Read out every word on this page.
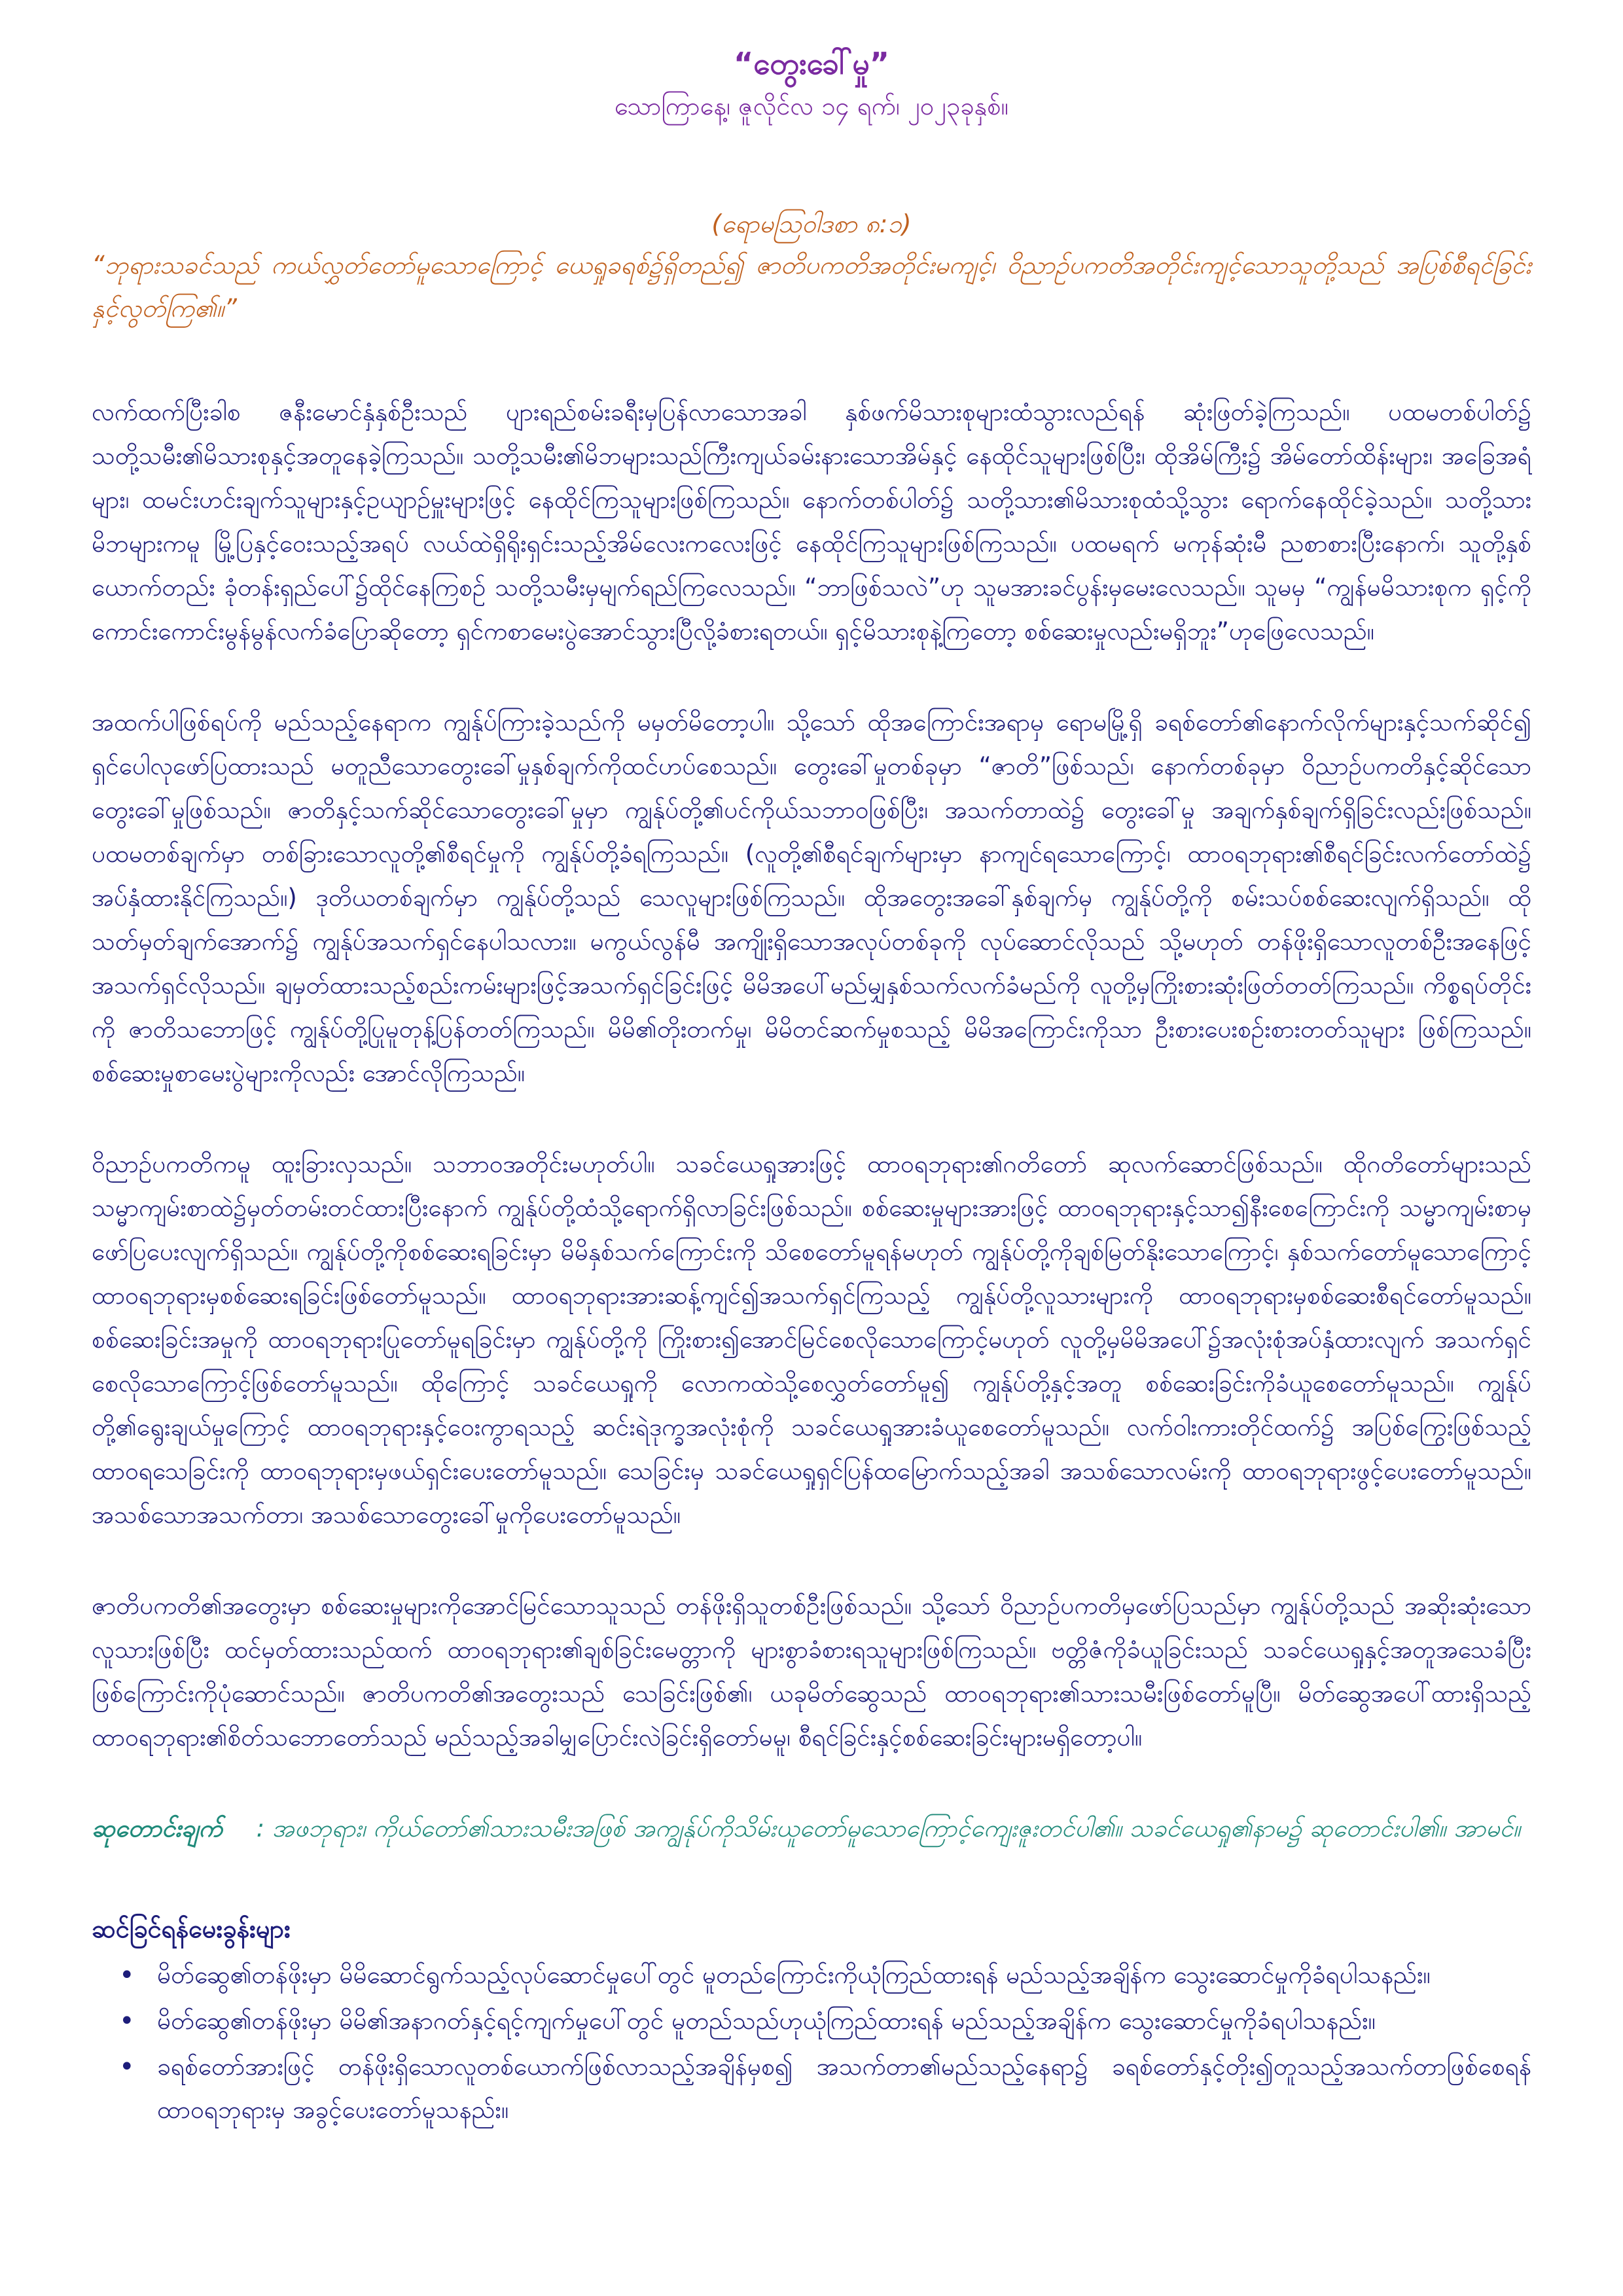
“တွေးခေါ်မှု”

သောကြာနေ့၊ ဇူလိုင်လ ၁၄ ရက်၊ ၂၀၂၃ခုနှစ်။

(ရောမဩဝါဒစာ ၈:၁)

“ဘုရားသခင်သည် ကယ်လွှတ်တော်မူသောကြောင့် ယေရှုခရစ်၌ရှိတည်၍ ဇာတိပကတိအတိုင်းမကျင့်၊ ဝိညာဉ်ပကတိအတိုင်းကျင့်သောသူတို့သည် အပြစ်စီရင်ခြင်းနှင့်လွတ်ကြ၏။”

လက်ထက်ပြီးခါစ ဇနီးမောင်နှံနှစ်ဦးသည် ပျားရည်စမ်းခရီးမှပြန်လာသောအခါ နှစ်ဖက်မိသားစုများထံသွားလည်ရန် ဆုံးဖြတ်ခဲ့ကြသည်။ ပထမတစ်ပါတ်၌ သတို့သမီး၏မိသားစုနှင့်အတူနေခဲ့ကြသည်။ သတို့သမီး၏မိဘများသည်ကြီးကျယ်ခမ်းနားသောအိမ်နှင့် နေထိုင်သူများဖြစ်ပြီး၊ ထိုအိမ်ကြီး၌ အိမ်တော်ထိန်းများ၊ အခြေအရံများ၊ ထမင်းဟင်းချက်သူများနှင့်ဥယျာဉ်မှူးများဖြင့် နေထိုင်ကြသူများဖြစ်ကြသည်။ နောက်တစ်ပါတ်၌ သတို့သား၏မိသားစုထံသို့သွား ရောက်နေထိုင်ခဲ့သည်။ သတို့သားမိဘများကမူ မြို့ပြနှင့်ဝေးသည့်အရပ် လယ်ထဲရှိရိုးရှင်းသည့်အိမ်လေးကလေးဖြင့် နေထိုင်ကြသူများဖြစ်ကြသည်။ ပထမရက် မကုန်ဆုံးမီ ညစာစားပြီးနောက်၊ သူတို့နှစ်ယောက်တည်း ခုံတန်းရှည်ပေါ်၌ထိုင်နေကြစဉ် သတို့သမီးမှမျက်ရည်ကြလေသည်။ “ဘာဖြစ်သလဲ”ဟု သူမအားခင်ပွန်းမှမေးလေသည်။ သူမမှ “ကျွန်မမိသားစုက ရှင့်ကိုကောင်းကောင်းမွန်မွန်လက်ခံပြောဆိုတော့ ရှင်ကစာမေးပွဲအောင်သွားပြီလို့ခံစားရတယ်။ ရှင့်မိသားစုနဲ့ကြတော့ စစ်ဆေးမှုလည်းမရှိဘူး”ဟုဖြေလေသည်။

အထက်ပါဖြစ်ရပ်ကို မည်သည့်နေရာက ကျွန်ုပ်ကြားခဲ့သည်ကို မမှတ်မိတော့ပါ။ သို့သော် ထိုအကြောင်းအရာမှ ရောမမြို့ရှိ ခရစ်တော်၏နောက်လိုက်များနှင့်သက်ဆိုင်၍ ရှင်ပေါလုဖော်ပြထားသည် မတူညီသောတွေးခေါ်မှုနှစ်ချက်ကိုထင်ဟပ်စေသည်။ တွေးခေါ်မှုတစ်ခုမှာ “ဇာတိ”ဖြစ်သည်၊ နောက်တစ်ခုမှာ ဝိညာဉ်ပကတိနှင့်ဆိုင်သောတွေးခေါ်မှုဖြစ်သည်။ ဇာတိနှင့်သက်ဆိုင်သောတွေးခေါ်မှုမှာ ကျွန်ုပ်တို့၏ပင်ကိုယ်သဘာဝဖြစ်ပြီး၊ အသက်တာထဲ၌ တွေးခေါ်မှု အချက်နှစ်ချက်ရှိခြင်းလည်းဖြစ်သည်။ ပထမတစ်ချက်မှာ တစ်ခြားသောလူတို့၏စီရင်မှုကို ကျွန်ုပ်တို့ခံရကြသည်။ (လူတို့၏စီရင်ချက်များမှာ နာကျင်ရသောကြောင့်၊ ထာဝရဘုရား၏စီရင်ခြင်းလက်တော်ထဲ၌ အပ်နှံထားနိုင်ကြသည်။) ဒုတိယတစ်ချက်မှာ ကျွန်ုပ်တို့သည် သေလူများဖြစ်ကြသည်။ ထိုအတွေးအခေါ်နှစ်ချက်မှ ကျွန်ုပ်တို့ကို စမ်းသပ်စစ်ဆေးလျက်ရှိသည်။ ထိုသတ်မှတ်ချက်အောက်၌ ကျွန်ုပ်အသက်ရှင်နေပါသလား။ မကွယ်လွန်မီ အကျိုးရှိသောအလုပ်တစ်ခုကို လုပ်ဆောင်လိုသည် သို့မဟုတ် တန်ဖိုးရှိသောလူတစ်ဦးအနေဖြင့်အသက်ရှင်လိုသည်။ ချမှတ်ထားသည့်စည်းကမ်းများဖြင့်အသက်ရှင်ခြင်းဖြင့် မိမိအပေါ်မည်မျှနှစ်သက်လက်ခံမည်ကို လူတို့မှကြိုးစားဆုံးဖြတ်တတ်ကြသည်။ ကိစ္စရပ်တိုင်းကို ဇာတိသဘောဖြင့် ကျွန်ုပ်တို့ပြုမူတုန့်ပြန်တတ်ကြသည်။ မိမိ၏တိုးတက်မှု၊ မိမိတင်ဆက်မှုစသည့် မိမိအကြောင်းကိုသာ ဦးစားပေးစဉ်းစားတတ်သူများ ဖြစ်ကြသည်။ စစ်ဆေးမှုစာမေးပွဲများကိုလည်း အောင်လိုကြသည်။

ဝိညာဉ်ပကတိကမူ ထူးခြားလှသည်။ သဘာဝအတိုင်းမဟုတ်ပါ။ သခင်ယေရှုအားဖြင့် ထာဝရဘုရား၏ဂတိတော် ဆုလက်ဆောင်ဖြစ်သည်။ ထိုဂတိတော်များသည် သမ္မာကျမ်းစာထဲ၌မှတ်တမ်းတင်ထားပြီးနောက် ကျွန်ုပ်တို့ထံသို့ရောက်ရှိလာခြင်းဖြစ်သည်။ စစ်ဆေးမှုများအားဖြင့် ထာဝရဘုရားနှင့်သာ၍နီးစေကြောင်းကို သမ္မာကျမ်းစာမှဖော်ပြပေးလျက်ရှိသည်။ ကျွန်ုပ်တို့ကိုစစ်ဆေးရခြင်းမှာ မိမိနှစ်သက်ကြောင်းကို သိစေတော်မူရန်မဟုတ် ကျွန်ုပ်တို့ကိုချစ်မြတ်နိုးသောကြောင့်၊ နှစ်သက်တော်မူသောကြောင့် ထာဝရဘုရားမှစစ်ဆေးရခြင်းဖြစ်တော်မူသည်။ ထာဝရဘုရားအားဆန့်ကျင်၍အသက်ရှင်ကြသည့် ကျွန်ုပ်တို့လူသားများကို ထာဝရဘုရားမှစစ်ဆေးစီရင်တော်မူသည်။ စစ်ဆေးခြင်းအမှုကို ထာဝရဘုရားပြုတော်မူရခြင်းမှာ ကျွန်ုပ်တို့ကို ကြိုးစား၍အောင်မြင်စေလိုသောကြောင့်မဟုတ် လူတို့မှမိမိအပေါ်၌အလုံးစုံအပ်နှံထားလျက် အသက်ရှင်စေလိုသောကြောင့်ဖြစ်တော်မူသည်။ ထိုကြောင့် သခင်ယေရှုကို လောကထဲသို့စေလွှတ်တော်မူ၍ ကျွန်ုပ်တို့နှင့်အတူ စစ်ဆေးခြင်းကိုခံယူစေတော်မူသည်။ ကျွန်ုပ်တို့၏ရွေးချယ်မှုကြောင့် ထာဝရဘုရားနှင့်ဝေးကွာရသည့် ဆင်းရဲဒုက္ခအလုံးစုံကို သခင်ယေရှုအားခံယူစေတော်မူသည်။ လက်ဝါးကားတိုင်ထက်၌ အပြစ်ကြွေးဖြစ်သည့်ထာဝရသေခြင်းကို ထာဝရဘုရားမှဖယ်ရှင်းပေးတော်မူသည်။ သေခြင်းမှ သခင်ယေရှုရှင်ပြန်ထမြောက်သည့်အခါ အသစ်သောလမ်းကို ထာဝရဘုရားဖွင့်ပေးတော်မူသည်။ အသစ်သောအသက်တာ၊ အသစ်သောတွေးခေါ်မှုကိုပေးတော်မူသည်။

ဇာတိပကတိ၏အတွေးမှာ စစ်ဆေးမှုများကိုအောင်မြင်သောသူသည် တန်ဖိုးရှိသူတစ်ဦးဖြစ်သည်။ သို့သော် ဝိညာဉ်ပကတိမှဖော်ပြသည်မှာ ကျွန်ုပ်တို့သည် အဆိုးဆုံးသောလူသားဖြစ်ပြီး ထင်မှတ်ထားသည်ထက် ထာဝရဘုရား၏ချစ်ခြင်းမေတ္တာကို များစွာခံစားရသူများဖြစ်ကြသည်။ ဗတ္တိဇံကိုခံယူခြင်းသည် သခင်ယေရှုနှင့်အတူအသေခံပြီးဖြစ်ကြောင်းကိုပုံဆောင်သည်။ ဇာတိပကတိ၏အတွေးသည် သေခြင်းဖြစ်၏၊ ယခုမိတ်ဆွေသည် ထာဝရဘုရား၏သားသမီးဖြစ်တော်မူပြီ။ မိတ်ဆွေအပေါ်ထားရှိသည့်ထာဝရဘုရား၏စိတ်သဘောတော်သည် မည်သည့်အခါမျှပြောင်းလဲခြင်းရှိတော်မမူ၊ စီရင်ခြင်းနှင့်စစ်ဆေးခြင်းများမရှိတော့ပါ။

ဆုတောင်းချက် : အဖဘုရား၊ ကိုယ်တော်၏သားသမီးအဖြစ် အကျွန်ုပ်ကိုသိမ်းယူတော်မူသောကြောင့်ကျေးဇူးတင်ပါ၏။ သခင်ယေရှု၏နာမ၌ ဆုတောင်းပါ၏။ အာမင်။

ဆင်ခြင်ရန်မေးခွန်းများ

• မိတ်ဆွေ၏တန်ဖိုးမှာ မိမိဆောင်ရွက်သည့်လုပ်ဆောင်မှုပေါ်တွင် မူတည်ကြောင်းကိုယုံကြည်ထားရန် မည်သည့်အချိန်က သွေးဆောင်မှုကိုခံရပါသနည်း။
• မိတ်ဆွေ၏တန်ဖိုးမှာ မိမိ၏အနာဂတ်နှင့်ရင့်ကျက်မှုပေါ်တွင် မူတည်သည်ဟုယုံကြည်ထားရန် မည်သည့်အချိန်က သွေးဆောင်မှုကိုခံရပါသနည်း။
• ခရစ်တော်အားဖြင့် တန်ဖိုးရှိသောလူတစ်ယောက်ဖြစ်လာသည့်အချိန်မှစ၍ အသက်တာ၏မည်သည့်နေရာ၌ ခရစ်တော်နှင့်တိုး၍တူသည့်အသက်တာဖြစ်စေရန် ထာဝရဘုရားမှ အခွင့်ပေးတော်မူသနည်း။
